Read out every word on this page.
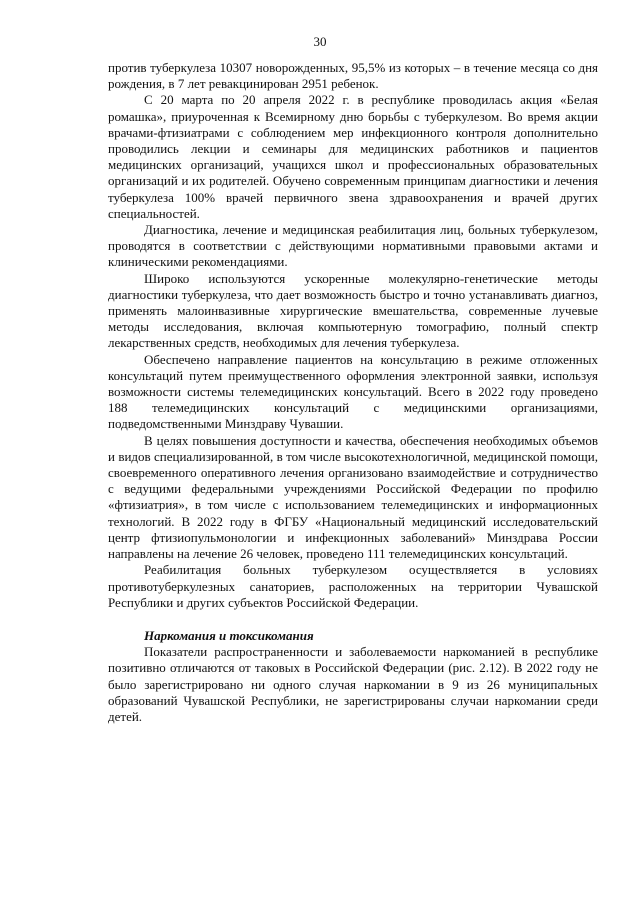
30

против туберкулеза 10307 новорожденных, 95,5% из которых – в течение месяца со дня рождения, в 7 лет ревакцинирован 2951 ребенок.

С 20 марта по 20 апреля 2022 г. в республике проводилась акция «Белая ромашка», приуроченная к Всемирному дню борьбы с туберкулезом. Во время акции врачами-фтизиатрами с соблюдением мер инфекционного контроля дополнительно проводились лекции и семинары для медицинских работников и пациентов медицинских организаций, учащихся школ и профессиональных образовательных организаций и их родителей. Обучено современным принципам диагностики и лечения туберкулеза 100% врачей первичного звена здравоохранения и врачей других специальностей.

Диагностика, лечение и медицинская реабилитация лиц, больных туберкулезом, проводятся в соответствии с действующими нормативными правовыми актами и клиническими рекомендациями.

Широко используются ускоренные молекулярно-генетические методы диагностики туберкулеза, что дает возможность быстро и точно устанавливать диагноз, применять малоинвазивные хирургические вмешательства, современные лучевые методы исследования, включая компьютерную томографию, полный спектр лекарственных средств, необходимых для лечения туберкулеза.

Обеспечено направление пациентов на консультацию в режиме отложенных консультаций путем преимущественного оформления электронной заявки, используя возможности системы телемедицинских консультаций. Всего в 2022 году проведено 188 телемедицинских консультаций с медицинскими организациями, подведомственными Минздраву Чувашии.

В целях повышения доступности и качества, обеспечения необходимых объемов и видов специализированной, в том числе высокотехнологичной, медицинской помощи, своевременного оперативного лечения организовано взаимодействие и сотрудничество с ведущими федеральными учреждениями Российской Федерации по профилю «фтизиатрия», в том числе с использованием телемедицинских и информационных технологий. В 2022 году в ФГБУ «Национальный медицинский исследовательский центр фтизиопульмонологии и инфекционных заболеваний» Минздрава России направлены на лечение 26 человек, проведено 111 телемедицинских консультаций.

Реабилитация больных туберкулезом осуществляется в условиях противотуберкулезных санаториев, расположенных на территории Чувашской Республики и других субъектов Российской Федерации.

Наркомания и токсикомания

Показатели распространенности и заболеваемости наркоманией в республике позитивно отличаются от таковых в Российской Федерации (рис. 2.12). В 2022 году не было зарегистрировано ни одного случая наркомании в 9 из 26 муниципальных образований Чувашской Республики, не зарегистрированы случаи наркомании среди детей.
